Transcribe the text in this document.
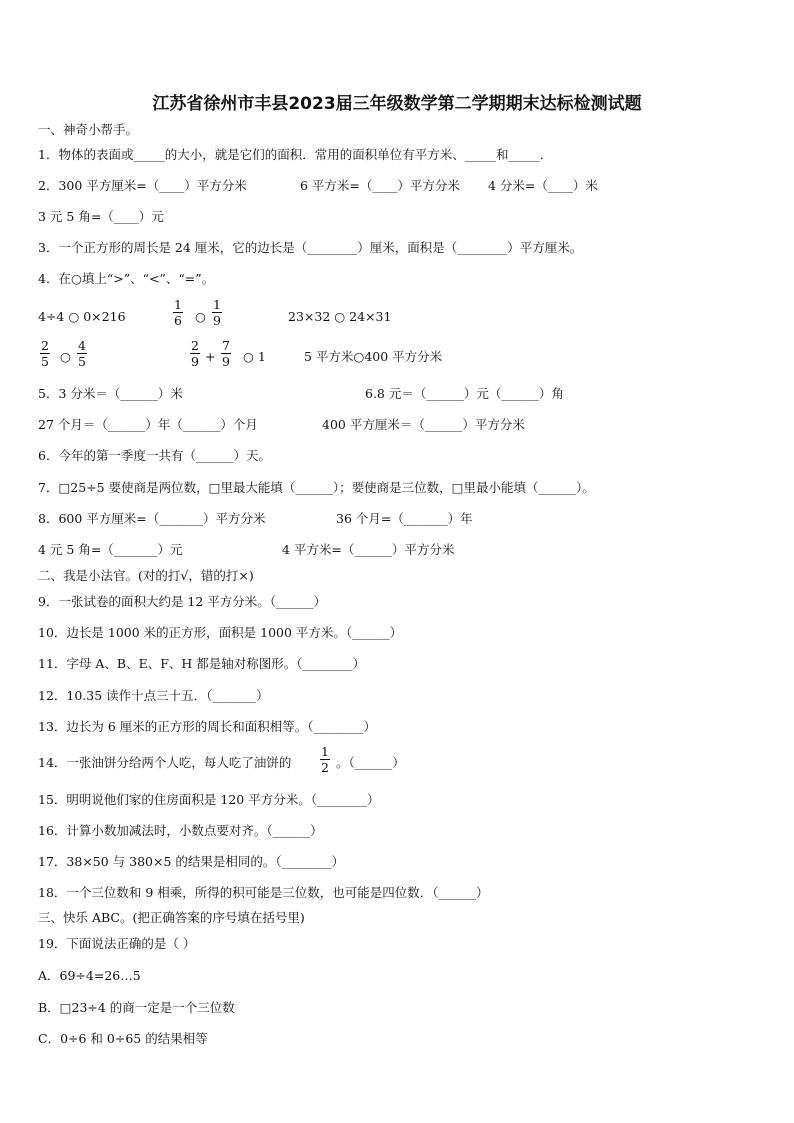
江苏省徐州市丰县2023届三年级数学第二学期期末达标检测试题
一、神奇小帮手。
1．物体的表面或_____的大小，就是它们的面积．常用的面积单位有平方米、_____和_____．
2．300 平方厘米=（____）平方分米	6 平方米=（____）平方分米 4 分米=（____）米
3 元 5 角=（____）元
3．一个正方形的周长是 24 厘米，它的边长是（________）厘米，面积是（________）平方厘米。
4．在○填上“>”、“<”、“=”。
4÷4 ○ 0×216
1
6 ○
1
9	23×32 ○ 24×31
2
5 ○
4
5
2
9 +
7
9 ○ 1	5 平方米○400 平方分米
5．3 分米＝（______）米	6.8 元＝（______）元（______）角
27 个月＝（______）年（______）个月	400 平方厘米＝（______）平方分米
6．今年的第一季度一共有（______）天。
7．□25÷5 要使商是两位数，□里最大能填（______）；要使商是三位数，□里最小能填（______）。
8．600 平方厘米=（_______）平方分米	36 个月=（_______）年
4 元 5 角=（_______）元	4 平方米=（______）平方分米
二、我是小法官。(对的打√，错的打×)
9．一张试卷的面积大约是 12 平方分米。（______）
10．边长是 1000 米的正方形，面积是 1000 平方米。（______）
11．字母 A、B、E、F、H 都是轴对称图形。（________）
12．10.35 读作十点三十五．（_______）
13．边长为 6 厘米的正方形的周长和面积相等。（________）
14．一张油饼分给两个人吃，每人吃了油饼的
1
2 。（______）
15．明明说他们家的住房面积是 120 平方分米。（________）
16．计算小数加减法时，小数点要对齐。（______）
17．38×50 与 380×5 的结果是相同的。（________）
18．一个三位数和 9 相乘，所得的积可能是三位数，也可能是四位数．（______）
三、快乐 ABC。(把正确答案的序号填在括号里)
19．下面说法正确的是（ ）
A．69÷4=26…5
B．□23÷4 的商一定是一个三位数
C．0÷6 和 0÷65 的结果相等
